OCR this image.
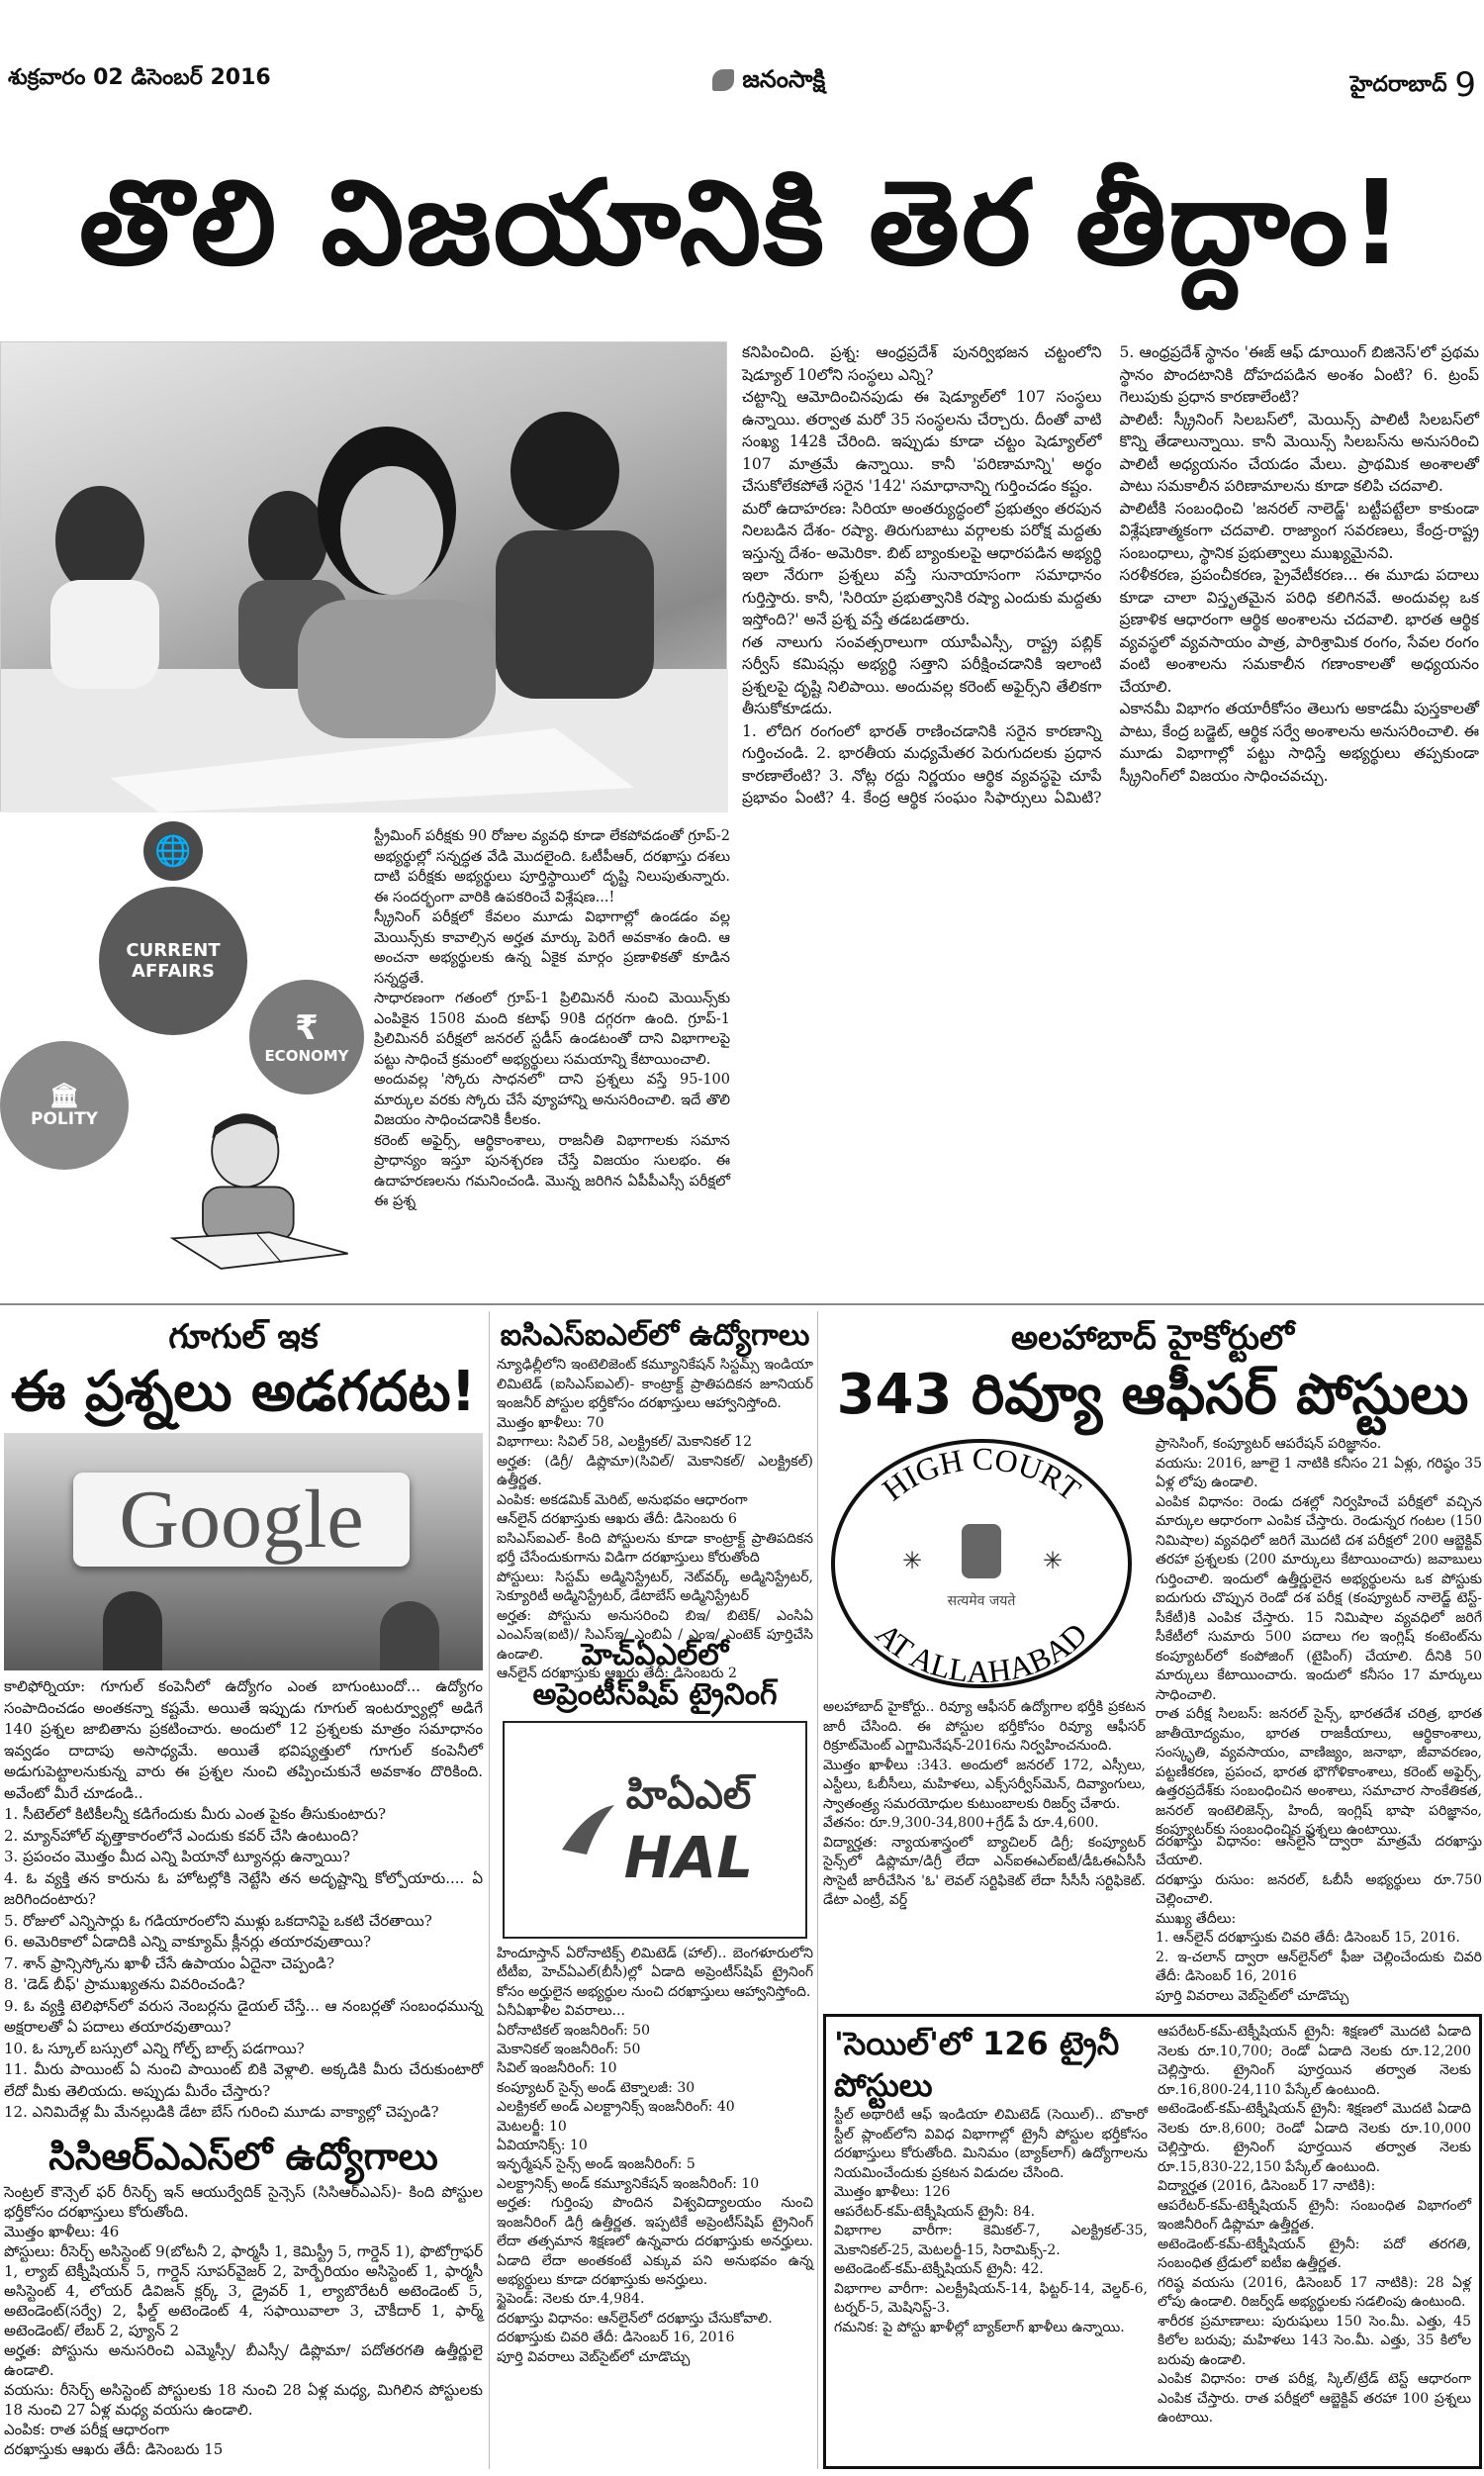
శుక్రవారం 02 డిసెంబర్ 2016	జనంసాక్షి	హైదరాబాద్ 9
తొలి విజయానికి తెర తీద్దాం!
🌐
CURRENT AFFAIRS
₹
ECONOMY
🏛
POLITY

స్ట్రీమింగ్ పరీక్షకు 90 రోజుల వ్యవధి కూడా లేకపోవడంతో గ్రూప్-2 అభ్యర్థుల్లో సన్నద్ధత వేడి మొదలైంది. ఓటీపీఆర్, దరఖాస్తు దశలు దాటి పరీక్షకు అభ్యర్థులు పూర్తిస్థాయిలో దృష్టి నిలుపుతున్నారు. ఈ సందర్భంగా వారికి ఉపకరించే విశ్లేషణ...!

స్క్రీనింగ్ పరీక్షలో కేవలం మూడు విభాగాల్లో ఉండడం వల్ల మెయిన్స్‌కు కావాల్సిన అర్హత మార్కు పెరిగే అవకాశం ఉంది. ఆ అంచనా అభ్యర్థులకు ఉన్న ఏకైక మార్గం ప్రణాళికతో కూడిన సన్నద్ధతే.

సాధారణంగా గతంలో గ్రూప్-1 ప్రిలిమినరీ నుంచి మెయిన్స్‌కు ఎంపికైన 1508 మంది కటాఫ్ 90కి దగ్గరగా ఉంది. గ్రూప్-1 ప్రిలిమినరీ పరీక్షలో జనరల్ స్టడీస్ ఉండటంతో దాని విభాగాలపై పట్టు సాధించే క్రమంలో అభ్యర్థులు సమయాన్ని కేటాయించాలి.

అందువల్ల 'స్కోరు సాధనలో' దాని ప్రశ్నలు వస్తే 95-100 మార్కుల వరకు స్కోరు చేసే వ్యూహాన్ని అనుసరించాలి. ఇదే తొలి విజయం సాధించడానికి కీలకం.

కరెంట్ అఫైర్స్, ఆర్థికాంశాలు, రాజనీతి విభాగాలకు సమాన ప్రాధాన్యం ఇస్తూ పునశ్చరణ చేస్తే విజయం సులభం. ఈ ఉదాహరణలను గమనించండి. మొన్న జరిగిన ఏపీపీఎస్సీ పరీక్షలో ఈ ప్రశ్న

కనిపించింది. ప్రశ్న: ఆంధ్రప్రదేశ్ పునర్విభజన చట్టంలోని షెడ్యూల్ 10లోని సంస్థలు ఎన్ని?

చట్టాన్ని ఆమోదించినపుడు ఈ షెడ్యూల్‌లో 107 సంస్థలు ఉన్నాయి. తర్వాత మరో 35 సంస్థలను చేర్చారు. దీంతో వాటి సంఖ్య 142కి చేరింది. ఇప్పుడు కూడా చట్టం షెడ్యూల్‌లో 107 మాత్రమే ఉన్నాయి. కానీ 'పరిణామాన్ని' అర్థం చేసుకోలేకపోతే సరైన '142' సమాధానాన్ని గుర్తించడం కష్టం.

మరో ఉదాహరణ: సిరియా అంతర్యుద్ధంలో ప్రభుత్వం తరపున నిలబడిన దేశం- రష్యా. తిరుగుబాటు వర్గాలకు పరోక్ష మద్దతు ఇస్తున్న దేశం- అమెరికా. బిట్ బ్యాంకులపై ఆధారపడిన అభ్యర్థి ఇలా నేరుగా ప్రశ్నలు వస్తే సునాయాసంగా సమాధానం గుర్తిస్తారు. కానీ, 'సిరియా ప్రభుత్వానికి రష్యా ఎందుకు మద్దతు ఇస్తోంది?' అనే ప్రశ్న వస్తే తడబడతారు.

గత నాలుగు సంవత్సరాలుగా యూపీఎస్సీ, రాష్ట్ర పబ్లిక్ సర్వీస్ కమిషన్లు అభ్యర్థి సత్తాని పరీక్షించడానికి ఇలాంటి ప్రశ్నలపై దృష్టి నిలిపాయి. అందువల్ల కరెంట్ అఫైర్స్‌ని తేలికగా తీసుకోకూడదు.

1. లోదిగ రంగంలో భారత్ రాణించడానికి సరైన కారణాన్ని గుర్తించండి. 2. భారతీయ మధ్యమేతర పెరుగుదలకు ప్రధాన కారణాలేంటి? 3. నోట్ల రద్దు నిర్ణయం ఆర్థిక వ్యవస్థపై చూపే ప్రభావం ఏంటి? 4. కేంద్ర ఆర్థిక సంఘం సిఫార్సులు ఏమిటి? 5. ఆంధ్రప్రదేశ్ స్థానం 'ఈజ్ ఆఫ్ డూయింగ్ బిజినెస్'లో ప్రథమ స్థానం పొందటానికి దోహదపడిన అంశం ఏంటి? 6. ట్రంప్ గెలుపుకు ప్రధాన కారణాలేంటి?

పాలిటీ: స్క్రీనింగ్ సిలబస్‌లో, మెయిన్స్ పాలిటీ సిలబస్‌లో కొన్ని తేడాలున్నాయి. కానీ మెయిన్స్ సిలబస్‌ను అనుసరించి పాలిటీ అధ్యయనం చేయడం మేలు. ప్రాథమిక అంశాలతో పాటు సమకాలీన పరిణామాలను కూడా కలిపి చదవాలి.

పాలిటీకి సంబంధించి 'జనరల్ నాలెడ్జ్' బట్టీపట్టేలా కాకుండా విశ్లేషణాత్మకంగా చదవాలి. రాజ్యాంగ సవరణలు, కేంద్ర-రాష్ట్ర సంబంధాలు, స్థానిక ప్రభుత్వాలు ముఖ్యమైనవి.

సరళీకరణ, ప్రపంచీకరణ, ప్రైవేటీకరణ... ఈ మూడు పదాలు కూడా చాలా విస్తృతమైన పరిధి కలిగినవే. అందువల్ల ఒక ప్రణాళిక ఆధారంగా ఆర్థిక అంశాలను చదవాలి. భారత ఆర్థిక వ్యవస్థలో వ్యవసాయం పాత్ర, పారిశ్రామిక రంగం, సేవల రంగం వంటి అంశాలను సమకాలీన గణాంకాలతో అధ్యయనం చేయాలి.

ఎకానమీ విభాగం తయారీకోసం తెలుగు అకాడమీ పుస్తకాలతో పాటు, కేంద్ర బడ్జెట్, ఆర్థిక సర్వే అంశాలను అనుసరించాలి. ఈ మూడు విభాగాల్లో పట్టు సాధిస్తే అభ్యర్థులు తప్పకుండా స్క్రీనింగ్‌లో విజయం సాధించవచ్చు.

గూగుల్ ఇక
ఈ ప్రశ్నలు అడగదట!
Google

కాలిఫోర్నియా: గూగుల్ కంపెనీలో ఉద్యోగం ఎంత బాగుంటుందో... ఉద్యోగం సంపాదించడం అంతకన్నా కష్టమే. అయితే ఇప్పుడు గూగుల్ ఇంటర్వ్యూల్లో అడిగే 140 ప్రశ్నల జాబితాను ప్రకటించారు. అందులో 12 ప్రశ్నలకు మాత్రం సమాధానం ఇవ్వడం దాదాపు అసాధ్యమే. అయితే భవిష్యత్తులో గూగుల్ కంపెనీలో అడుగుపెట్టాలనుకున్న వారు ఈ ప్రశ్నల నుంచి తప్పించుకునే అవకాశం దొరికింది. అవేంటో మీరే చూడండి..

1. సీటెల్‌లో కిటికీలన్నీ కడిగేందుకు మీరు ఎంత పైకం తీసుకుంటారు?

2. మ్యాన్‌హోల్ వృత్తాకారంలోనే ఎందుకు కవర్ చేసి ఉంటుంది?

3. ప్రపంచం మొత్తం మీద ఎన్ని పియానో ట్యూనర్లు ఉన్నాయి?

4. ఓ వ్యక్తి తన కారును ఓ హోటల్లోకి నెట్టేసి తన అదృష్టాన్ని కోల్పోయారు.... ఏ జరిగిందంటారు?

5. రోజులో ఎన్నిసార్లు ఓ గడియారంలోని ముళ్లు ఒకదానిపై ఒకటి చేరతాయి?

6. అమెరికాలో ఏడాదికి ఎన్ని వాక్యూమ్ క్లీనర్లు తయారవుతాయి?

7. శాన్ ఫ్రాన్సిస్కోను ఖాళీ చేసే ఉపాయం ఏదైనా చెప్పండి?

8. 'డెడ్ బీఫ్' ప్రాముఖ్యతను వివరించండి?

9. ఓ వ్యక్తి టెలిఫోన్‌లో వరుస నెంబర్లను డైయల్ చేస్తే... ఆ నంబర్లతో సంబంధమున్న అక్షరాలతో ఏ పదాలు తయారవుతాయి?

10. ఓ స్కూల్ బస్సులో ఎన్ని గోల్ఫ్ బాల్స్ పడగాయి?

11. మీరు పాయింట్ ఏ నుంచి పాయింట్ బికి వెళ్లాలి. అక్కడికి మీరు చేరుకుంటారో లేదో మీకు తెలియదు. అప్పుడు మీరేం చేస్తారు?

12. ఎనిమిదేళ్ల మీ మేనల్లుడికి డేటా బేస్ గురించి మూడు వాక్యాల్లో చెప్పండి?

సిసిఆర్‌ఎఎస్‌లో ఉద్యోగాలు

సెంట్రల్ కౌన్సెల్ ఫర్ రీసెర్చ్ ఇన్ ఆయుర్వేదిక్ సైన్సెస్ (సిసిఆర్‌ఎఎస్)- కింది పోస్టుల భర్తీకోసం దరఖాస్తులు కోరుతోంది.

మొత్తం ఖాళీలు: 46

పోస్టులు: రీసెర్చ్ అసిస్టెంట్ 9(బోటనీ 2, ఫార్మసీ 1, కెమిస్ట్రీ 5, గార్డెన్ 1), ఫొటోగ్రాఫర్ 1, ల్యాబ్ టెక్నీషియన్ 5, గార్డెన్ సూపర్‌వైజర్ 2, హెర్బేరియం అసిస్టెంట్ 1, ఫార్మసీ అసిస్టెంట్ 4, లోయర్ డివిజన్ క్లర్క్ 3, డ్రైవర్ 1, ల్యాబొరేటరీ అటెండెంట్ 5, అటెండెంట్(సర్వే) 2, ఫీల్డ్ అటెండెంట్ 4, సఫాయివాలా 3, చౌకీదార్ 1, ఫార్మ్ అటెండెంట్/ లేబర్ 2, ప్యూన్ 2

అర్హత: పోస్టును అనుసరించి ఎమ్మెస్సీ/ బీఎస్సీ/ డిప్లొమా/ పదోతరగతి ఉత్తీర్ణులై ఉండాలి.

వయసు: రీసెర్చ్ అసిస్టెంట్ పోస్టులకు 18 నుంచి 28 ఏళ్ల మధ్య, మిగిలిన పోస్టులకు 18 నుంచి 27 ఏళ్ల మధ్య వయసు ఉండాలి.

ఎంపిక: రాత పరీక్ష ఆధారంగా

దరఖాస్తుకు ఆఖరు తేదీ: డిసెంబరు 15

ఐసిఎస్‌ఐఎల్‌లో ఉద్యోగాలు

న్యూఢిల్లీలోని ఇంటెలిజెంట్ కమ్యూనికేషన్ సిస్టమ్స్ ఇండియా లిమిటెడ్ (ఐసిఎస్‌ఐఎల్)- కాంట్రాక్ట్ ప్రాతిపదికన జూనియర్ ఇంజనీర్ పోస్టుల భర్తీకోసం దరఖాస్తులు ఆహ్వానిస్తోంది.

మొత్తం ఖాళీలు: 70

విభాగాలు: సివిల్ 58, ఎలక్ట్రికల్/ మెకానికల్ 12

అర్హత: (డిగ్రీ/ డిప్లొమా)(సివిల్/ మెకానికల్/ ఎలక్ట్రికల్) ఉత్తీర్ణత.

ఎంపిక: అకడమిక్ మెరిట్, అనుభవం ఆధారంగా

ఆన్‌లైన్ దరఖాస్తుకు ఆఖరు తేదీ: డిసెంబరు 6

ఐసిఎస్‌ఐఎల్- కింది పోస్టులను కూడా కాంట్రాక్ట్ ప్రాతిపదికన భర్తీ చేసేందుకుగాను విడిగా దరఖాస్తులు కోరుతోంది

పోస్టులు: సిస్టమ్ అడ్మినిస్ట్రేటర్, నెట్‌వర్క్ అడ్మినిస్ట్రేటర్, సెక్యూరిటీ అడ్మినిస్ట్రేటర్, డేటాబేస్ అడ్మినిస్ట్రేటర్

అర్హత: పోస్టును అనుసరించి బిఇ/ బిటెక్/ ఎంసిఏ ఎంఎస్‌ఇ(ఐటి)/ సిఎస్‌ఇ/ ఎంబిఏ / ఎంఇ/ ఎంటెక్ పూర్తిచేసి ఉండాలి.

ఆన్‌లైన్ దరఖాస్తుకు ఆఖరు తేదీ: డిసెంబరు 2

హెచ్‌ఏఎల్‌లో
అప్రెంటీస్‌షిప్ ట్రైనింగ్
హిఏఎల్
HAL

హిందూస్తాన్ ఏరోనాటిక్స్ లిమిటెడ్ (హాల్).. బెంగళూరులోని టీటీఐ, హెచ్‌ఏఎల్(బీసీ)ల్లో ఏడాది అప్రెంటీస్‌షిప్ ట్రైనింగ్ కోసం అర్హులైన అభ్యర్థుల నుంచి దరఖాస్తులు ఆహ్వానిస్తోంది.

ఏనీఏఖాళీల వివరాలు...

ఏరోనాటికల్ ఇంజనీరింగ్: 50

మెకానికల్ ఇంజనీరింగ్: 50

సివిల్ ఇంజనీరింగ్: 10

కంప్యూటర్ సైన్స్ అండ్ టెక్నాలజీ: 30

ఎలక్ట్రికల్ అండ్ ఎలక్ట్రానిక్స్ ఇంజనీరింగ్: 40

మెటలర్జీ: 10

ఏవియానిక్స్: 10

ఇన్ఫర్మేషన్ సైన్స్ అండ్ ఇంజనీరింగ్: 5

ఎలక్ట్రానిక్స్ అండ్ కమ్యూనికేషన్ ఇంజనీరింగ్: 10

అర్హత: గుర్తింపు పొందిన విశ్వవిద్యాలయం నుంచి ఇంజనీరింగ్ డిగ్రీ ఉత్తీర్ణత. ఇప్పటికే అప్రెంటీస్‌షిప్ ట్రైనింగ్ లేదా తత్సమాన శిక్షణలో ఉన్నవారు దరఖాస్తుకు అనర్హులు. ఏడాది లేదా అంతకంటే ఎక్కువ పని అనుభవం ఉన్న అభ్యర్థులు కూడా దరఖాస్తుకు అనర్హులు.

స్టైపెండ్: నెలకు రూ.4,984.

దరఖాస్తు విధానం: ఆన్‌లైన్‌లో దరఖాస్తు చేసుకోవాలి.

దరఖాస్తుకు చివరి తేదీ: డిసెంబర్ 16, 2016

పూర్తి వివరాలు వెబ్‌సైట్‌లో చూడొచ్చు

అలహాబాద్ హైకోర్టులో
343 రివ్యూ ఆఫీసర్ పోస్టులు
HIGH COURT
AT ALLAHABAD
सत्यमेव जयते
✳	✳

అలహాబాద్ హైకోర్టు.. రివ్యూ ఆఫీసర్ ఉద్యోగాల భర్తీకి ప్రకటన జారీ చేసింది. ఈ పోస్టుల భర్తీకోసం రివ్యూ ఆఫీసర్ రిక్రూట్‌మెంట్ ఎగ్జామినేషన్-2016ను నిర్వహించనుంది.

మొత్తం ఖాళీలు :343. అందులో జనరల్ 172, ఎస్సీలు, ఎస్టీలు, ఓబీసీలు, మహిళలు, ఎక్స్‌సర్వీస్‌మెన్, దివ్యాంగులు, స్వాతంత్ర్య సమరయోధుల కుటుంబాలకు రిజర్వ్ చేశారు.

వేతనం: రూ.9,300-34,800+గ్రేడ్ పే రూ.4,600.

విద్యార్హత: న్యాయశాస్త్రంలో బ్యాచిలర్ డిగ్రీ; కంప్యూటర్ సైన్స్‌లో డిప్లొమా/డిగ్రీ లేదా ఎన్ఐఈఎల్ఐటీ/డీఓఈఏసీసీ సొసైటీ జారీచేసిన 'ఓ' లెవల్ సర్టిఫికెట్ లేదా సీసీసీ సర్టిఫికెట్. డేటా ఎంట్రీ, వర్డ్

ప్రాసెసింగ్, కంప్యూటర్ ఆపరేషన్ పరిజ్ఞానం.

వయసు: 2016, జూలై 1 నాటికి కనీసం 21 ఏళ్లు, గరిష్ఠం 35 ఏళ్ల లోపు ఉండాలి.

ఎంపిక విధానం: రెండు దశల్లో నిర్వహించే పరీక్షలో వచ్చిన మార్కుల ఆధారంగా ఎంపిక చేస్తారు. రెండున్నర గంటల (150 నిమిషాల) వ్యవధిలో జరిగే మొదటి దశ పరీక్షలో 200 ఆబ్జెక్టివ్ తరహా ప్రశ్నలకు (200 మార్కులు కేటాయించారు) జవాబులు గుర్తించాలి. ఇందులో ఉత్తీర్ణులైన అభ్యర్థులను ఒక పోస్టుకు ఐదుగురు చొప్పున రెండో దశ పరీక్ష (కంప్యూటర్ నాలెడ్జ్ టెస్ట్-సీకేటీ)కి ఎంపిక చేస్తారు. 15 నిమిషాల వ్యవధిలో జరిగే సీకేటీలో సుమారు 500 పదాలు గల ఇంగ్లిష్ కంటెంట్‌ను కంప్యూటర్‌లో కంపోజింగ్ (టైపింగ్) చేయాలి. దీనికి 50 మార్కులు కేటాయించారు. ఇందులో కనీసం 17 మార్కులు సాధించాలి.

రాత పరీక్ష సిలబస్: జనరల్ సైన్స్, భారతదేశ చరిత్ర, భారత జాతీయోద్యమం, భారత రాజకీయాలు, ఆర్థికాంశాలు, సంస్కృతి, వ్యవసాయం, వాణిజ్యం, జనాభా, జీవావరణం, పట్టణీకరణ, ప్రపంచ, భారత భౌగోళికాంశాలు, కరెంట్ అఫైర్స్, ఉత్తరప్రదేశ్‌కు సంబంధించిన అంశాలు, సమాచార సాంకేతికత, జనరల్ ఇంటెలిజెన్స్, హిందీ, ఇంగ్లిష్ భాషా పరిజ్ఞానం, కంప్యూటర్‌కు సంబంధించిన ప్రశ్నలు ఉంటాయి.

దరఖాస్తు విధానం: ఆన్‌లైన్ ద్వారా మాత్రమే దరఖాస్తు చేయాలి.

దరఖాస్తు రుసుం: జనరల్, ఓబీసీ అభ్యర్థులు రూ.750 చెల్లించాలి.

ముఖ్య తేదీలు:

1. ఆన్‌లైన్ దరఖాస్తుకు చివరి తేదీ: డిసెంబర్ 15, 2016.

2. ఇ-చలాన్ ద్వారా ఆన్‌లైన్‌లో ఫీజు చెల్లించేందుకు చివరి తేదీ: డిసెంబర్ 16, 2016

పూర్తి వివరాలు వెబ్‌సైట్‌లో చూడొచ్చు

'సెయిల్'లో 126 ట్రైనీ పోస్టులు

స్టీల్ అథారిటీ ఆఫ్ ఇండియా లిమిటెడ్ (సెయిల్).. బొకారో స్టీల్ ప్లాంట్‌లోని వివిధ విభాగాల్లో ట్రైనీ పోస్టుల భర్తీకోసం దరఖాస్తులు కోరుతోంది. మినిమం (బ్యాక్‌లాగ్) ఉద్యోగాలను నియమించేందుకు ప్రకటన విడుదల చేసింది.

మొత్తం ఖాళీలు: 126

ఆపరేటర్-కమ్-టెక్నీషియన్ ట్రైనీ: 84.

విభాగాల వారీగా: కెమికల్-7, ఎలక్ట్రికల్-35, మెకానికల్-25, మెటలర్జీ-15, సిరామిక్స్-2.

అటెండెంట్-కమ్-టెక్నీషియన్ ట్రైనీ: 42.

విభాగాల వారీగా: ఎలక్ట్రీషియన్-14, ఫిట్టర్-14, వెల్డర్-6, టర్నర్-5, మెషినిస్ట్-3.

గమనిక: పై పోస్టు ఖాళీల్లో బ్యాక్‌లాగ్ ఖాళీలు ఉన్నాయి.

ఆపరేటర్-కమ్-టెక్నీషియన్ ట్రైనీ: శిక్షణలో మొదటి ఏడాది నెలకు రూ.10,700; రెండో ఏడాది నెలకు రూ.12,200 చెల్లిస్తారు. ట్రైనింగ్ పూర్తయిన తర్వాత నెలకు రూ.16,800-24,110 పేస్కేల్ ఉంటుంది.

అటెండెంట్-కమ్-టెక్నీషియన్ ట్రైనీ: శిక్షణలో మొదటి ఏడాది నెలకు రూ.8,600; రెండో ఏడాది నెలకు రూ.10,000 చెల్లిస్తారు. ట్రైనింగ్ పూర్తయిన తర్వాత నెలకు రూ.15,830-22,150 పేస్కేల్ ఉంటుంది.

విద్యార్హత (2016, డిసెంబర్ 17 నాటికి):

ఆపరేటర్-కమ్-టెక్నీషియన్ ట్రైనీ: సంబంధిత విభాగంలో ఇంజినీరింగ్ డిప్లొమా ఉత్తీర్ణత.

అటెండెంట్-కమ్-టెక్నీషియన్ ట్రైనీ: పదో తరగతి, సంబంధిత ట్రేడులో ఐటీఐ ఉత్తీర్ణత.

గరిష్ఠ వయసు (2016, డిసెంబర్ 17 నాటికి): 28 ఏళ్ల లోపు ఉండాలి. రిజర్వ్‌డ్ అభ్యర్థులకు సడలింపు ఉంటుంది.

శారీరక ప్రమాణాలు: పురుషులు 150 సెం.మీ. ఎత్తు, 45 కిలోల బరువు; మహిళలు 143 సెం.మీ. ఎత్తు, 35 కిలోల బరువు ఉండాలి.

ఎంపిక విధానం: రాత పరీక్ష, స్కిల్/ట్రేడ్ టెస్ట్ ఆధారంగా ఎంపిక చేస్తారు. రాత పరీక్షలో ఆబ్జెక్టివ్ తరహా 100 ప్రశ్నలు ఉంటాయి.
